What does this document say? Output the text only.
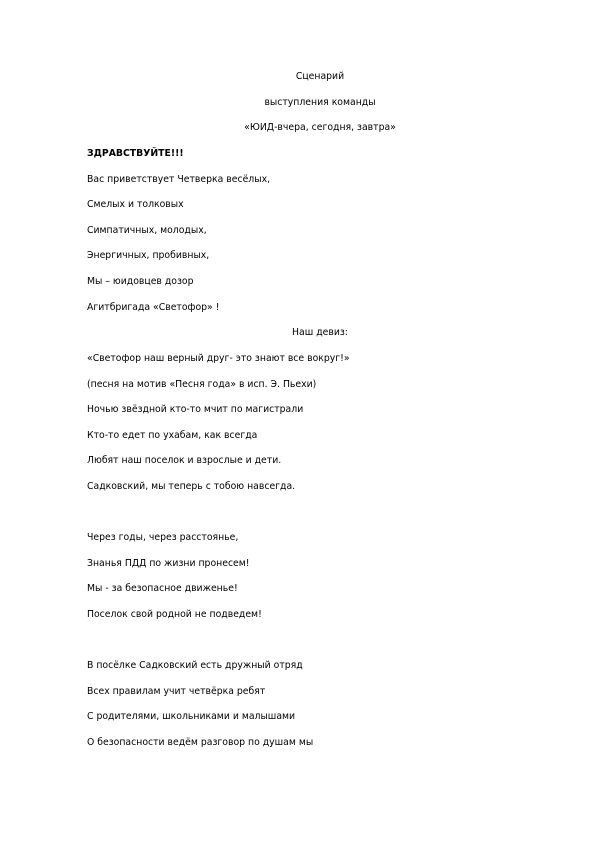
Сценарий
выступления команды
«ЮИД-вчера, сегодня, завтра»
ЗДРАВСТВУЙТЕ!!!
Вас приветствует Четверка весёлых,
Смелых и толковых
Симпатичных, молодых,
Энергичных, пробивных,
Мы – юидовцев дозор
Агитбригада «Светофор» !
Наш девиз:
«Светофор наш верный друг- это знают все вокруг!»
(песня на мотив «Песня года» в исп. Э. Пьехи)
Ночью звёздной кто-то мчит по магистрали
Кто-то едет по ухабам, как всегда
Любят наш поселок и взрослые и дети.
Садковский, мы теперь с тобою навсегда.
Через годы, через расстоянье,
Знанья ПДД по жизни пронесем!
Мы - за безопасное движенье!
Поселок свой родной не подведем!
В посёлке Садковский есть дружный отряд
Всех правилам учит четвёрка ребят
С родителями, школьниками и малышами
О безопасности ведём разговор по душам мы
